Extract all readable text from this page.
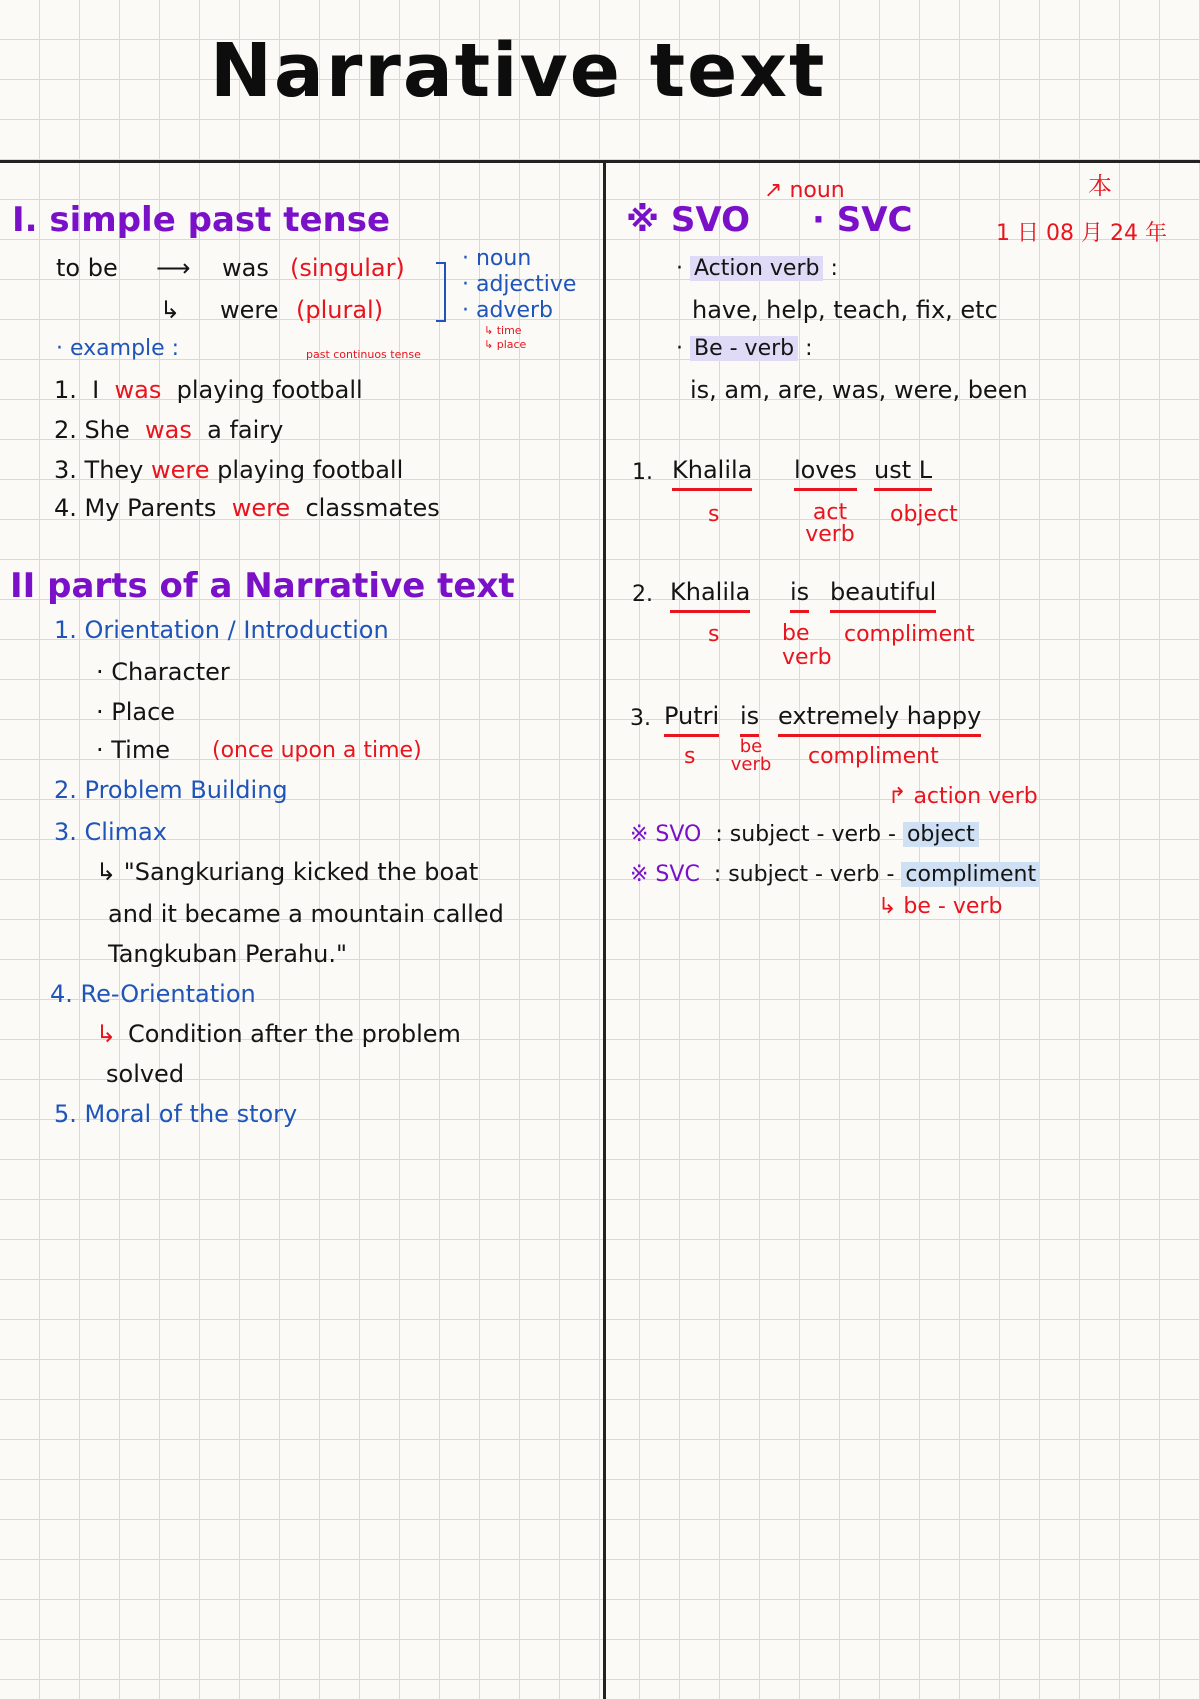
Narrative text
I. simple past tense
to be ⟶ was (singular)
↳ were (plural)
· noun
· adjective
· adverb
↳ time
↳ place
· example :	past continuos tense
1. I was playing football
2. She was a fairy
3. They were playing football
4. My Parents were classmates
II parts of a Narrative text
1. Orientation / Introduction
· Character
· Place
· Time (once upon a time)
2. Problem Building
3. Climax
↳ "Sangkuriang kicked the boat
and it became a mountain called
Tangkuban Perahu."
4. Re-Orientation
↳ Condition after the problem
solved
5. Moral of the story
※ SVO · SVC
↗ noun	本
1 日 08 月 24 年
· Action verb :
have, help, teach, fix, etc
· Be - verb :
is, am, are, was, were, been
1. Khalila loves ust L
s	act verb
object
2. Khalila is beautiful
s	be verb
compliment
3. Putri is extremely happy
s	be verb compliment
↱ action verb
※ SVO : subject - verb - object
※ SVC : subject - verb - compliment
↳ be - verb
